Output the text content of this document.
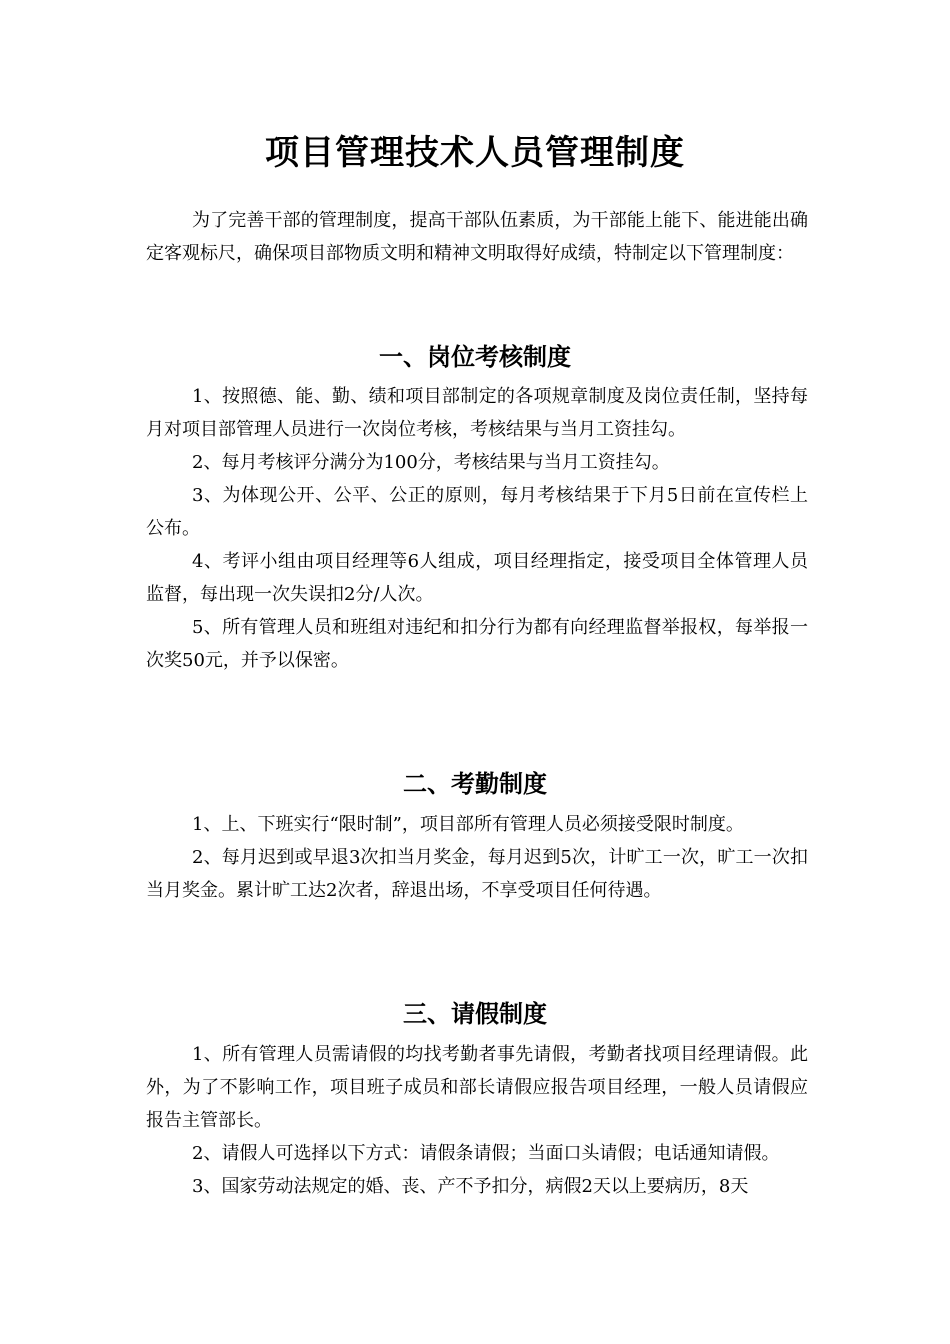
项目管理技术人员管理制度

为了完善干部的管理制度，提高干部队伍素质，为干部能上能下、能进能出确定客观标尺，确保项目部物质文明和精神文明取得好成绩，特制定以下管理制度：

一、岗位考核制度

1、按照德、能、勤、绩和项目部制定的各项规章制度及岗位责任制，坚持每月对项目部管理人员进行一次岗位考核，考核结果与当月工资挂勾。

2、每月考核评分满分为100分，考核结果与当月工资挂勾。

3、为体现公开、公平、公正的原则，每月考核结果于下月5日前在宣传栏上公布。

4、考评小组由项目经理等6人组成，项目经理指定，接受项目全体管理人员监督，每出现一次失误扣2分/人次。

5、所有管理人员和班组对违纪和扣分行为都有向经理监督举报权，每举报一次奖50元，并予以保密。

二、考勤制度

1、上、下班实行“限时制”，项目部所有管理人员必须接受限时制度。

2、每月迟到或早退3次扣当月奖金，每月迟到5次，计旷工一次，旷工一次扣当月奖金。累计旷工达2次者，辞退出场，不享受项目任何待遇。

三、请假制度

1、所有管理人员需请假的均找考勤者事先请假，考勤者找项目经理请假。此外，为了不影响工作，项目班子成员和部长请假应报告项目经理，一般人员请假应报告主管部长。

2、请假人可选择以下方式：请假条请假；当面口头请假；电话通知请假。

3、国家劳动法规定的婚、丧、产不予扣分，病假2天以上要病历，8天
